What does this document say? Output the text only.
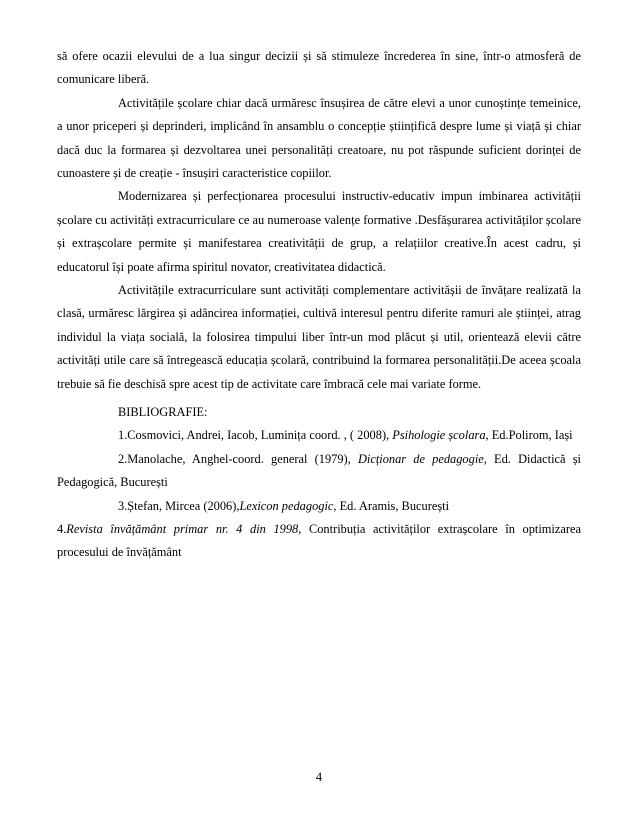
să ofere ocazii elevului de a lua singur decizii și să stimuleze încrederea în sine, într-o atmosferă de comunicare liberă.

Activitățile școlare chiar dacă urmăresc însușirea de către elevi a unor cunoștințe temeinice, a unor priceperi și deprinderi, implicând în ansamblu o concepție științifică despre lume și viață și chiar dacă duc la formarea și dezvoltarea unei personalități creatoare, nu pot răspunde suficient dorinței de cunoastere și de creație - însușiri caracteristice copiilor.

Modernizarea și perfecționarea procesului instructiv-educativ impun imbinarea activității școlare cu activități extracurriculare ce au numeroase valențe formative .Desfășurarea activităților școlare și extrașcolare permite și manifestarea creativității de grup, a relațiilor creative.În acest cadru, și educatorul își poate afirma spiritul novator, creativitatea didactică.

Activitățile extracurriculare sunt activități complementare activitășii de învățare realizată la clasă, urmăresc lărgirea și adâncirea informației, cultivă interesul pentru diferite ramuri ale științei, atrag individul la viața socială, la folosirea timpului liber într-un mod plăcut și util, orientează elevii către activități utile care să întregească educația școlară, contribuind la formarea personalității.De aceea școala trebuie să fie deschisă spre acest tip de activitate care îmbracă cele mai variate forme.

BIBLIOGRAFIE:

1.Cosmovici, Andrei, Iacob, Luminița coord. , ( 2008), Psihologie școlara, Ed.Polirom, Iași

2.Manolache, Anghel-coord. general (1979), Dicționar de pedagogie, Ed. Didactică și Pedagogică, București

3.Ștefan, Mircea (2006),Lexicon pedagogic, Ed. Aramis, București

4.Revista învățământ primar nr. 4 din 1998, Contribuția activităților extrașcolare în optimizarea procesului de învățământ

4
